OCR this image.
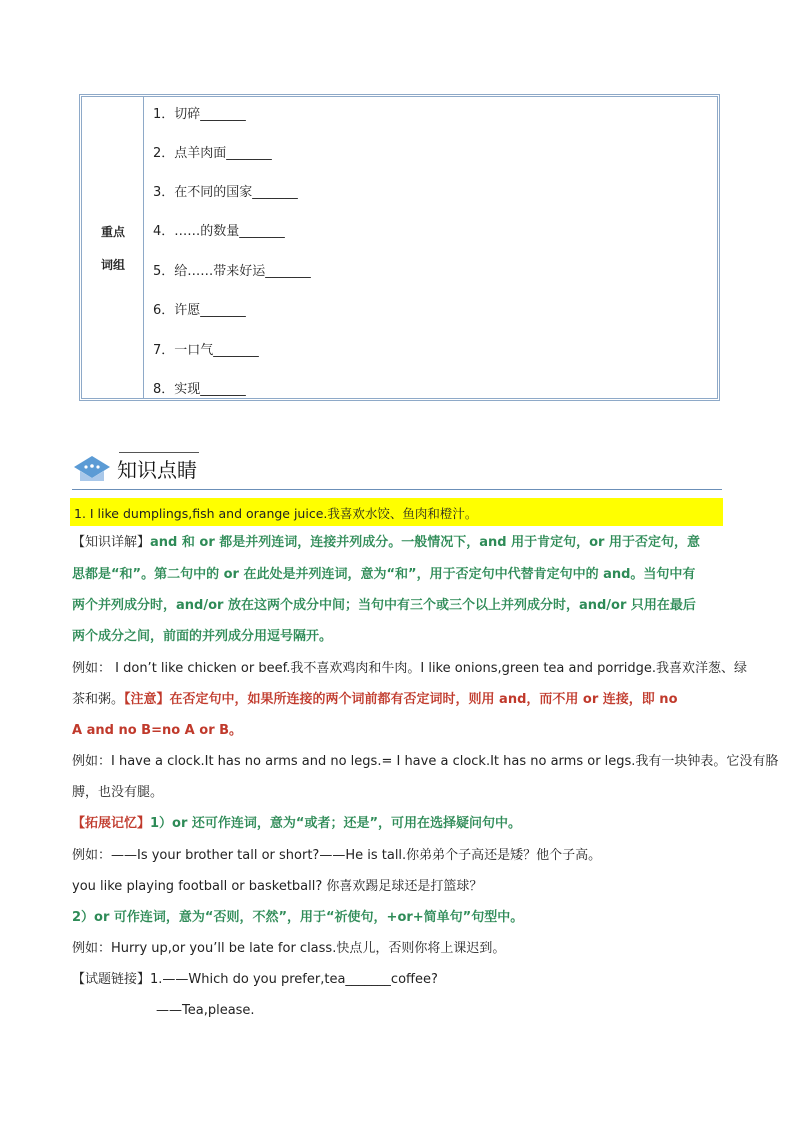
重点
词组
1．切碎_______
2．点羊肉面_______
3．在不同的国家_______
4．……的数量_______
5．给……带来好运_______
6．许愿_______
7．一口气_______
8．实现_______
知识点睛
1. I like dumplings,fish and orange juice.我喜欢水饺、鱼肉和橙汁。
【知识详解】and 和 or 都是并列连词，连接并列成分。一般情况下，and 用于肯定句，or 用于否定句，意
思都是“和”。第二句中的 or 在此处是并列连词，意为“和”，用于否定句中代替肯定句中的 and。当句中有
两个并列成分时，and/or 放在这两个成分中间；当句中有三个或三个以上并列成分时，and/or 只用在最后
两个成分之间，前面的并列成分用逗号隔开。
例如： I don’t like chicken or beef.我不喜欢鸡肉和牛肉。I like onions,green tea and porridge.我喜欢洋葱、绿
茶和粥。【注意】在否定句中，如果所连接的两个词前都有否定词时，则用 and，而不用 or 连接，即 no
A and no B=no A or B。
例如：I have a clock.It has no arms and no legs.= I have a clock.It has no arms or legs.我有一块钟表。它没有胳
膊，也没有腿。
【拓展记忆】1）or 还可作连词，意为“或者；还是”，可用在选择疑问句中。
例如：——Is your brother tall or short?——He is tall.你弟弟个子高还是矮？他个子高。
you like playing football or basketball? 你喜欢踢足球还是打篮球？
2）or 可作连词，意为“否则，不然”，用于“祈使句，+or+简单句”句型中。
例如：Hurry up,or you’ll be late for class.快点儿，否则你将上课迟到。
【试题链接】1.——Which do you prefer,tea_______coffee?
——Tea,please.
